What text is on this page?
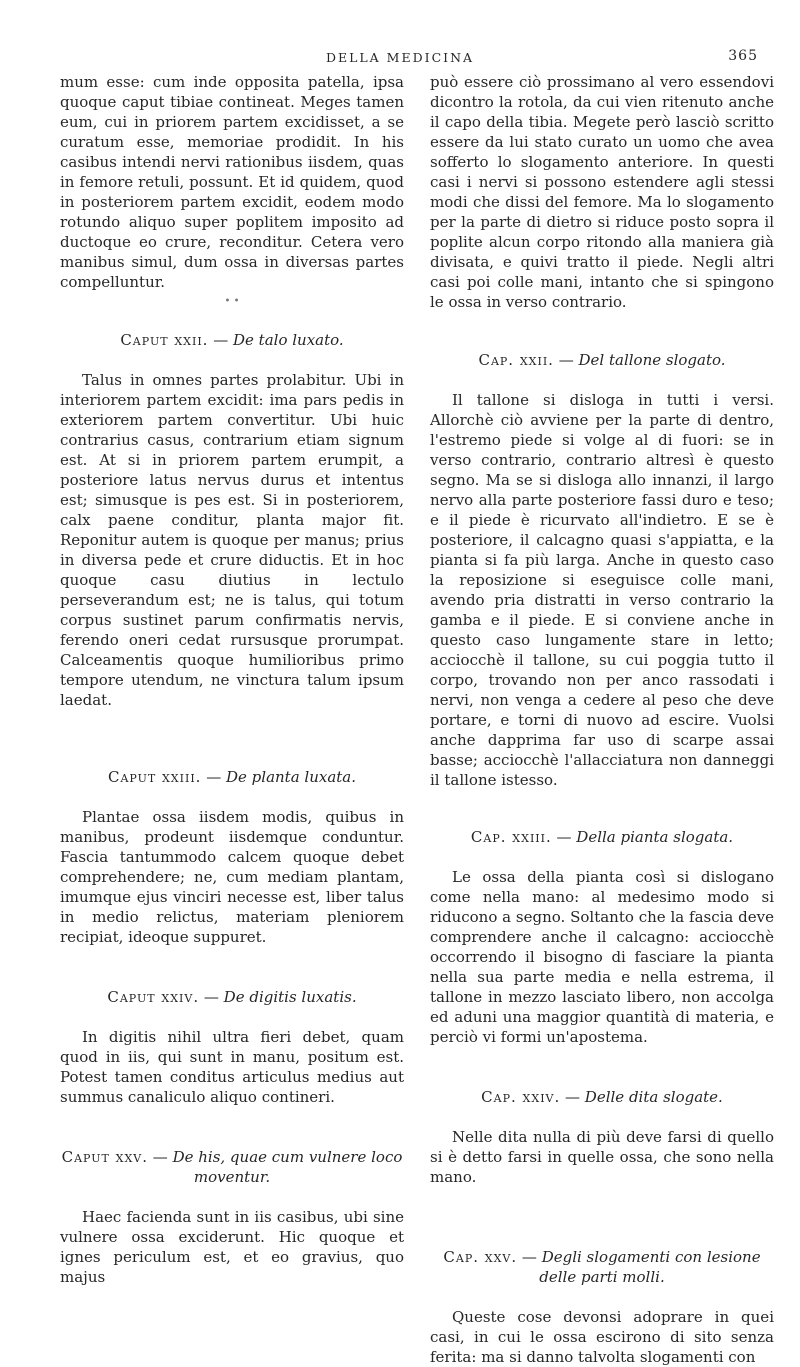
DELLA MEDICINA	365

mum esse: cum inde opposita patella, ipsa quoque caput tibiae contineat. Meges tamen eum, cui in priorem partem excidisset, a se curatum esse, memoriae prodidit. In his casibus intendi nervi rationibus iisdem, quas in femore retuli, possunt. Et id quidem, quod in posteriorem partem excidit, eodem modo rotundo aliquo super poplitem imposito ad ductoque eo crure, reconditur. Cetera vero manibus simul, dum ossa in diversas partes compelluntur.

• •

Caput xxii. — De talo luxato.

Talus in omnes partes prolabitur. Ubi in interiorem partem excidit: ima pars pedis in exteriorem partem convertitur. Ubi huic contrarius casus, contrarium etiam signum est. At si in priorem partem erumpit, a posteriore latus nervus durus et intentus est; simusque is pes est. Si in posteriorem, calx paene conditur, planta major fit. Reponitur autem is quoque per manus; prius in diversa pede et crure diductis. Et in hoc quoque casu diutius in lectulo perseverandum est; ne is talus, qui totum corpus sustinet parum confirmatis nervis, ferendo oneri cedat rursusque prorumpat. Calceamentis quoque humilioribus primo tempore utendum, ne vinctura talum ipsum laedat.

Caput xxiii. — De planta luxata.

Plantae ossa iisdem modis, quibus in manibus, prodeunt iisdemque conduntur. Fascia tantummodo calcem quoque debet comprehendere; ne, cum mediam plantam, imumque ejus vinciri necesse est, liber talus in medio relictus, materiam pleniorem recipiat, ideoque suppuret.

Caput xxiv. — De digitis luxatis.

In digitis nihil ultra fieri debet, quam quod in iis, qui sunt in manu, positum est. Potest tamen conditus articulus medius aut summus canaliculo aliquo contineri.

Caput xxv. — De his, quae cum vulnere loco moventur.

Haec facienda sunt in iis casibus, ubi sine vulnere ossa exciderunt. Hic quoque et ignes periculum est, et eo gravius, quo majus

può essere ciò prossimano al vero essendovi dicontro la rotola, da cui vien ritenuto anche il capo della tibia. Megete però lasciò scritto essere da lui stato curato un uomo che avea sofferto lo slogamento anteriore. In questi casi i nervi si possono estendere agli stessi modi che dissi del femore. Ma lo slogamento per la parte di dietro si riduce posto sopra il poplite alcun corpo ritondo alla maniera già divisata, e quivi tratto il piede. Negli altri casi poi colle mani, intanto che si spingono le ossa in verso contrario.

Cap. xxii. — Del tallone slogato.

Il tallone si disloga in tutti i versi. Allorchè ciò avviene per la parte di dentro, l'estremo piede si volge al di fuori: se in verso contrario, contrario altresì è questo segno. Ma se si disloga allo innanzi, il largo nervo alla parte posteriore fassi duro e teso; e il piede è ricurvato all'indietro. E se è posteriore, il calcagno quasi s'appiatta, e la pianta si fa più larga. Anche in questo caso la reposizione si eseguisce colle mani, avendo pria distratti in verso contrario la gamba e il piede. E si conviene anche in questo caso lungamente stare in letto; acciocchè il tallone, su cui poggia tutto il corpo, trovando non per anco rassodati i nervi, non venga a cedere al peso che deve portare, e torni di nuovo ad escire. Vuolsi anche dapprima far uso di scarpe assai basse; acciocchè l'allacciatura non danneggi il tallone istesso.

Cap. xxiii. — Della pianta slogata.

Le ossa della pianta così si dislogano come nella mano: al medesimo modo si riducono a segno. Soltanto che la fascia deve comprendere anche il calcagno: acciocchè occorrendo il bisogno di fasciare la pianta nella sua parte media e nella estrema, il tallone in mezzo lasciato libero, non accolga ed aduni una maggior quantità di materia, e perciò vi formi un'apostema.

Cap. xxiv. — Delle dita slogate.

Nelle dita nulla di più deve farsi di quello si è detto farsi in quelle ossa, che sono nella mano.

Cap. xxv. — Degli slogamenti con lesione delle parti molli.

Queste cose devonsi adoprare in quei casi, in cui le ossa escirono di sito senza ferita: ma si danno talvolta slogamenti con
